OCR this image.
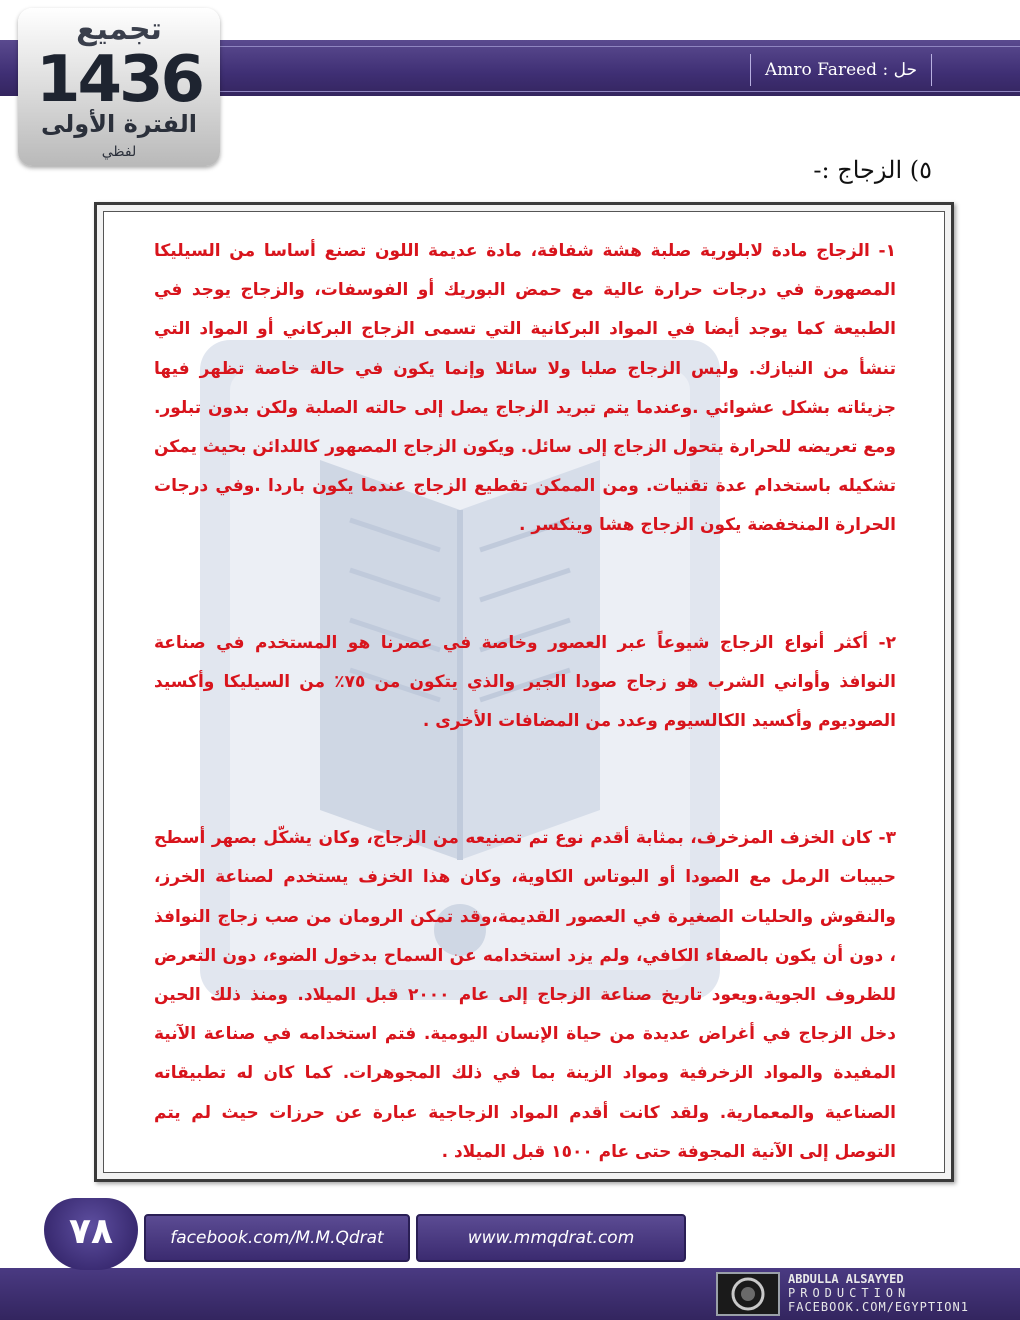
حل : Amro Fareed
تجميع
1436
الفترة الأولى
لفظي
٥) الزجاج :-

١- الزجاج مادة لابلورية صلبة هشة شفافة، مادة عديمة اللون تصنع أساسا من السيليكا المصهورة في درجات حرارة عالية مع حمض البوريك أو الفوسفات، والزجاج يوجد في الطبيعة كما يوجد أيضا في المواد البركانية التي تسمى الزجاج البركاني أو المواد التي تنشأ من النيازك. وليس الزجاج صلبا ولا سائلا وإنما يكون في حالة خاصة تظهر فيها جزيئاته بشكل عشوائي .وعندما يتم تبريد الزجاج يصل إلى حالته الصلبة ولكن بدون تبلور. ومع تعريضه للحرارة يتحول الزجاج إلى سائل. ويكون الزجاج المصهور كاللدائن بحيث يمكن تشكيله باستخدام عدة تقنيات. ومن الممكن تقطيع الزجاج عندما يكون باردا .وفي درجات الحرارة المنخفضة يكون الزجاج هشا وينكسر .

٢- أكثر أنواع الزجاج شيوعاً عبر العصور وخاصة في عصرنا هو المستخدم في صناعة النوافذ وأواني الشرب هو زجاج صودا الجير والذي يتكون من ٧٥٪ من السيليكا وأكسيد الصوديوم وأكسيد الكالسيوم وعدد من المضافات الأخرى .

٣- كان الخزف المزخرف، بمثابة أقدم نوع تم تصنيعه من الزجاج، وكان يشكّل بصهر أسطح حبيبات الرمل مع الصودا أو البوتاس الكاوية، وكان هذا الخزف يستخدم لصناعة الخرز، والنقوش والحليات الصغيرة في العصور القديمة،وقد تمكن الرومان من صب زجاج النوافذ ، دون أن يكون بالصفاء الكافي، ولم يزد استخدامه عن السماح بدخول الضوء، دون التعرض للظروف الجوية.ويعود تاريخ صناعة الزجاج إلى عام ٢٠٠٠ قبل الميلاد. ومنذ ذلك الحين دخل الزجاج في أغراض عديدة من حياة الإنسان اليومية. فتم استخدامه في صناعة الآنية المفيدة والمواد الزخرفية ومواد الزينة بما في ذلك المجوهرات. كما كان له تطبيقاته الصناعية والمعمارية. ولقد كانت أقدم المواد الزجاجية عبارة عن حرزات حيث لم يتم التوصل إلى الآنية المجوفة حتى عام ١٥٠٠ قبل الميلاد .

٧٨	facebook.com/M.M.Qdrat	www.mmqdrat.com
ABDULLA ALSAYYED
PRODUCTION
FACEBOOK.COM/EGYPTION1
